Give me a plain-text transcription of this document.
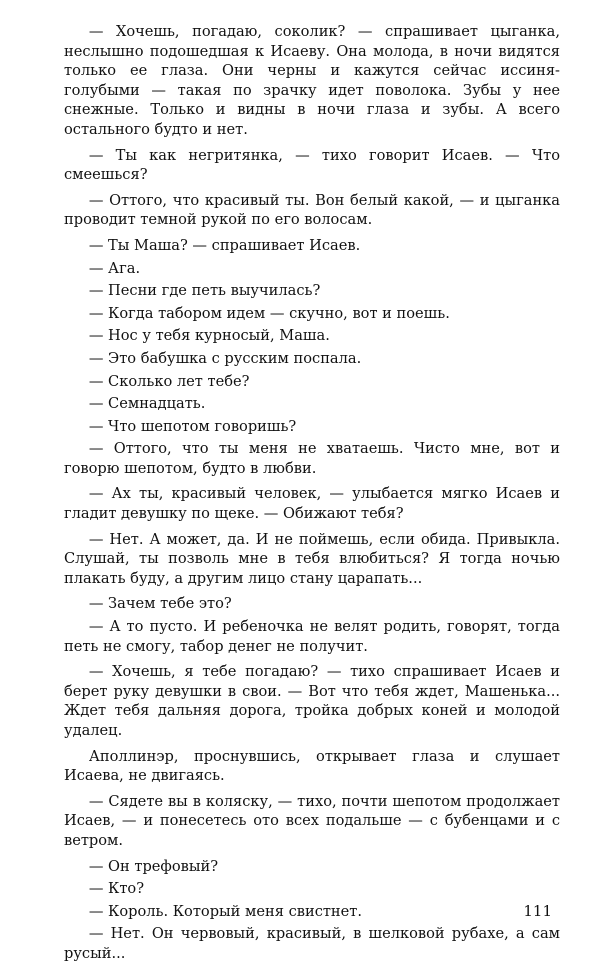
— Хочешь, погадаю, соколик? — спрашивает цыганка, неслышно подошедшая к Исаеву. Она молода, в ночи видятся только ее глаза. Они черны и кажутся сейчас иссиня-голубыми — такая по зрачку идет поволока. Зубы у нее снежные. Только и видны в ночи глаза и зубы. А всего остального будто и нет.

— Ты как негритянка, — тихо говорит Исаев. — Что смеешься?

— Оттого, что красивый ты. Вон белый какой, — и цыганка проводит темной рукой по его волосам.

— Ты Маша? — спрашивает Исаев.

— Ага.

— Песни где петь выучилась?

— Когда табором идем — скучно, вот и поешь.

— Нос у тебя курносый, Маша.

— Это бабушка с русским поспала.

— Сколько лет тебе?

— Семнадцать.

— Что шепотом говоришь?

— Оттого, что ты меня не хватаешь. Чисто мне, вот и говорю шепотом, будто в любви.

— Ах ты, красивый человек, — улыбается мягко Исаев и гладит девушку по щеке. — Обижают тебя?

— Нет. А может, да. И не поймешь, если обида. Привыкла. Слушай, ты позволь мне в тебя влюбиться? Я тогда ночью плакать буду, а другим лицо стану царапать...

— Зачем тебе это?

— А то пусто. И ребеночка не велят родить, говорят, тогда петь не смогу, табор денег не получит.

— Хочешь, я тебе погадаю? — тихо спрашивает Исаев и берет руку девушки в свои. — Вот что тебя ждет, Машенька... Ждет тебя дальняя дорога, тройка добрых коней и молодой удалец.

Аполлинэр, проснувшись, открывает глаза и слушает Исаева, не двигаясь.

— Сядете вы в коляску, — тихо, почти шепотом продолжает Исаев, — и понесетесь ото всех подальше — с бубенцами и с ветром.

— Он трефовый?

— Кто?

— Король. Который меня свистнет.

— Нет. Он червовый, красивый, в шелковой рубахе, а сам русый...

111
